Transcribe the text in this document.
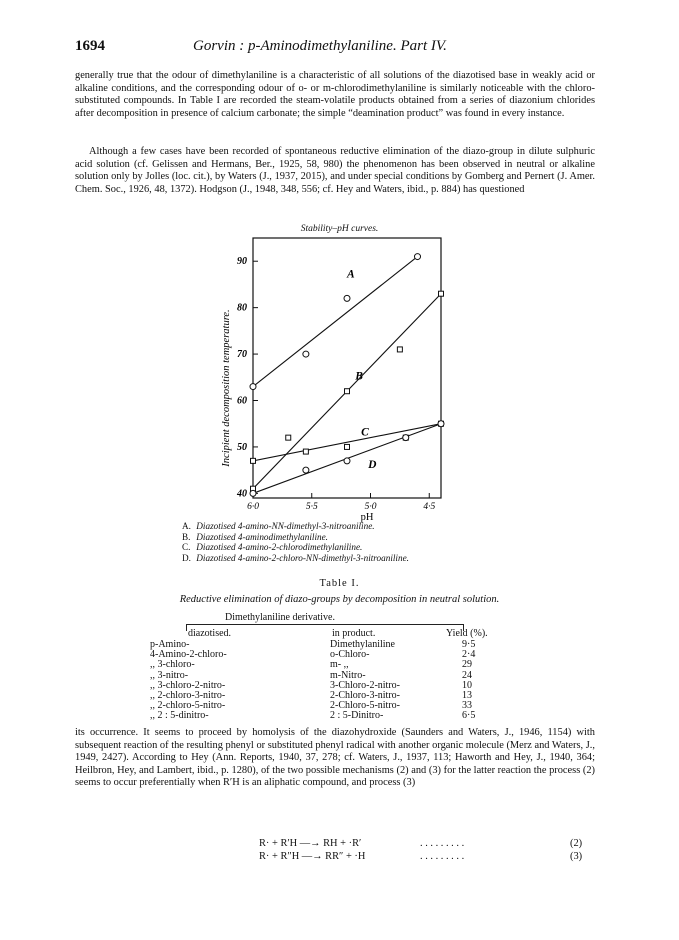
1694	Gorvin : p-Aminodimethylaniline. Part IV.

generally true that the odour of dimethylaniline is a characteristic of all solutions of the diazotised base in weakly acid or alkaline conditions, and the corresponding odour of o- or m-chlorodimethylaniline is similarly noticeable with the chloro-substituted compounds. In Table I are recorded the steam-volatile products obtained from a series of diazonium chlorides after decomposition in presence of calcium carbonate; the simple “deamination product” was found in every instance.

Although a few cases have been recorded of spontaneous reductive elimination of the diazo-group in dilute sulphuric acid solution (cf. Gelissen and Hermans, Ber., 1925, 58, 980) the phenomenon has been observed in neutral or alkaline solution only by Jolles (loc. cit.), by Waters (J., 1937, 2015), and under special conditions by Gomberg and Pernert (J. Amer. Chem. Soc., 1926, 48, 1372). Hodgson (J., 1948, 348, 556; cf. Hey and Waters, ibid., p. 884) has questioned

Stability–pH curves.
40
50
60
70
80
90
6·0	5·5	5·0	4·5
pH
Incipient decomposition temperature.
A
B
C
D
A. Diazotised 4-amino-NN-dimethyl-3-nitroaniline.
B. Diazotised 4-aminodimethylaniline.
C. Diazotised 4-amino-2-chlorodimethylaniline.
D. Diazotised 4-amino-2-chloro-NN-dimethyl-3-nitroaniline.
Table I.
Reductive elimination of diazo-groups by decomposition in neutral solution.
Dimethylaniline derivative.
diazotised.	in product.	Yield (%).
p-Amino-	Dimethylaniline	9·5
4-Amino-2-chloro-	o-Chloro-	2·4
,, 3-chloro-	m- ,,	29
,, 3-nitro-	m-Nitro-	24
,, 3-chloro-2-nitro-	3-Chloro-2-nitro-	10
,, 2-chloro-3-nitro-	2-Chloro-3-nitro-	13
,, 2-chloro-5-nitro-	2-Chloro-5-nitro-	33
,, 2 : 5-dinitro-	2 : 5-Dinitro-	6·5

its occurrence. It seems to proceed by homolysis of the diazohydroxide (Saunders and Waters, J., 1946, 1154) with subsequent reaction of the resulting phenyl or substituted phenyl radical with another organic molecule (Merz and Waters, J., 1949, 2427). According to Hey (Ann. Reports, 1940, 37, 278; cf. Waters, J., 1937, 113; Haworth and Hey, J., 1940, 364; Heilbron, Hey, and Lambert, ibid., p. 1280), of the two possible mechanisms (2) and (3) for the latter reaction the process (2) seems to occur preferentially when R′H is an aliphatic compound, and process (3)

R· + R′H —→ RH + ·R′	. . . . . . . . .	(2)
R· + R″H —→ RR″ + ·H	. . . . . . . . .	(3)
